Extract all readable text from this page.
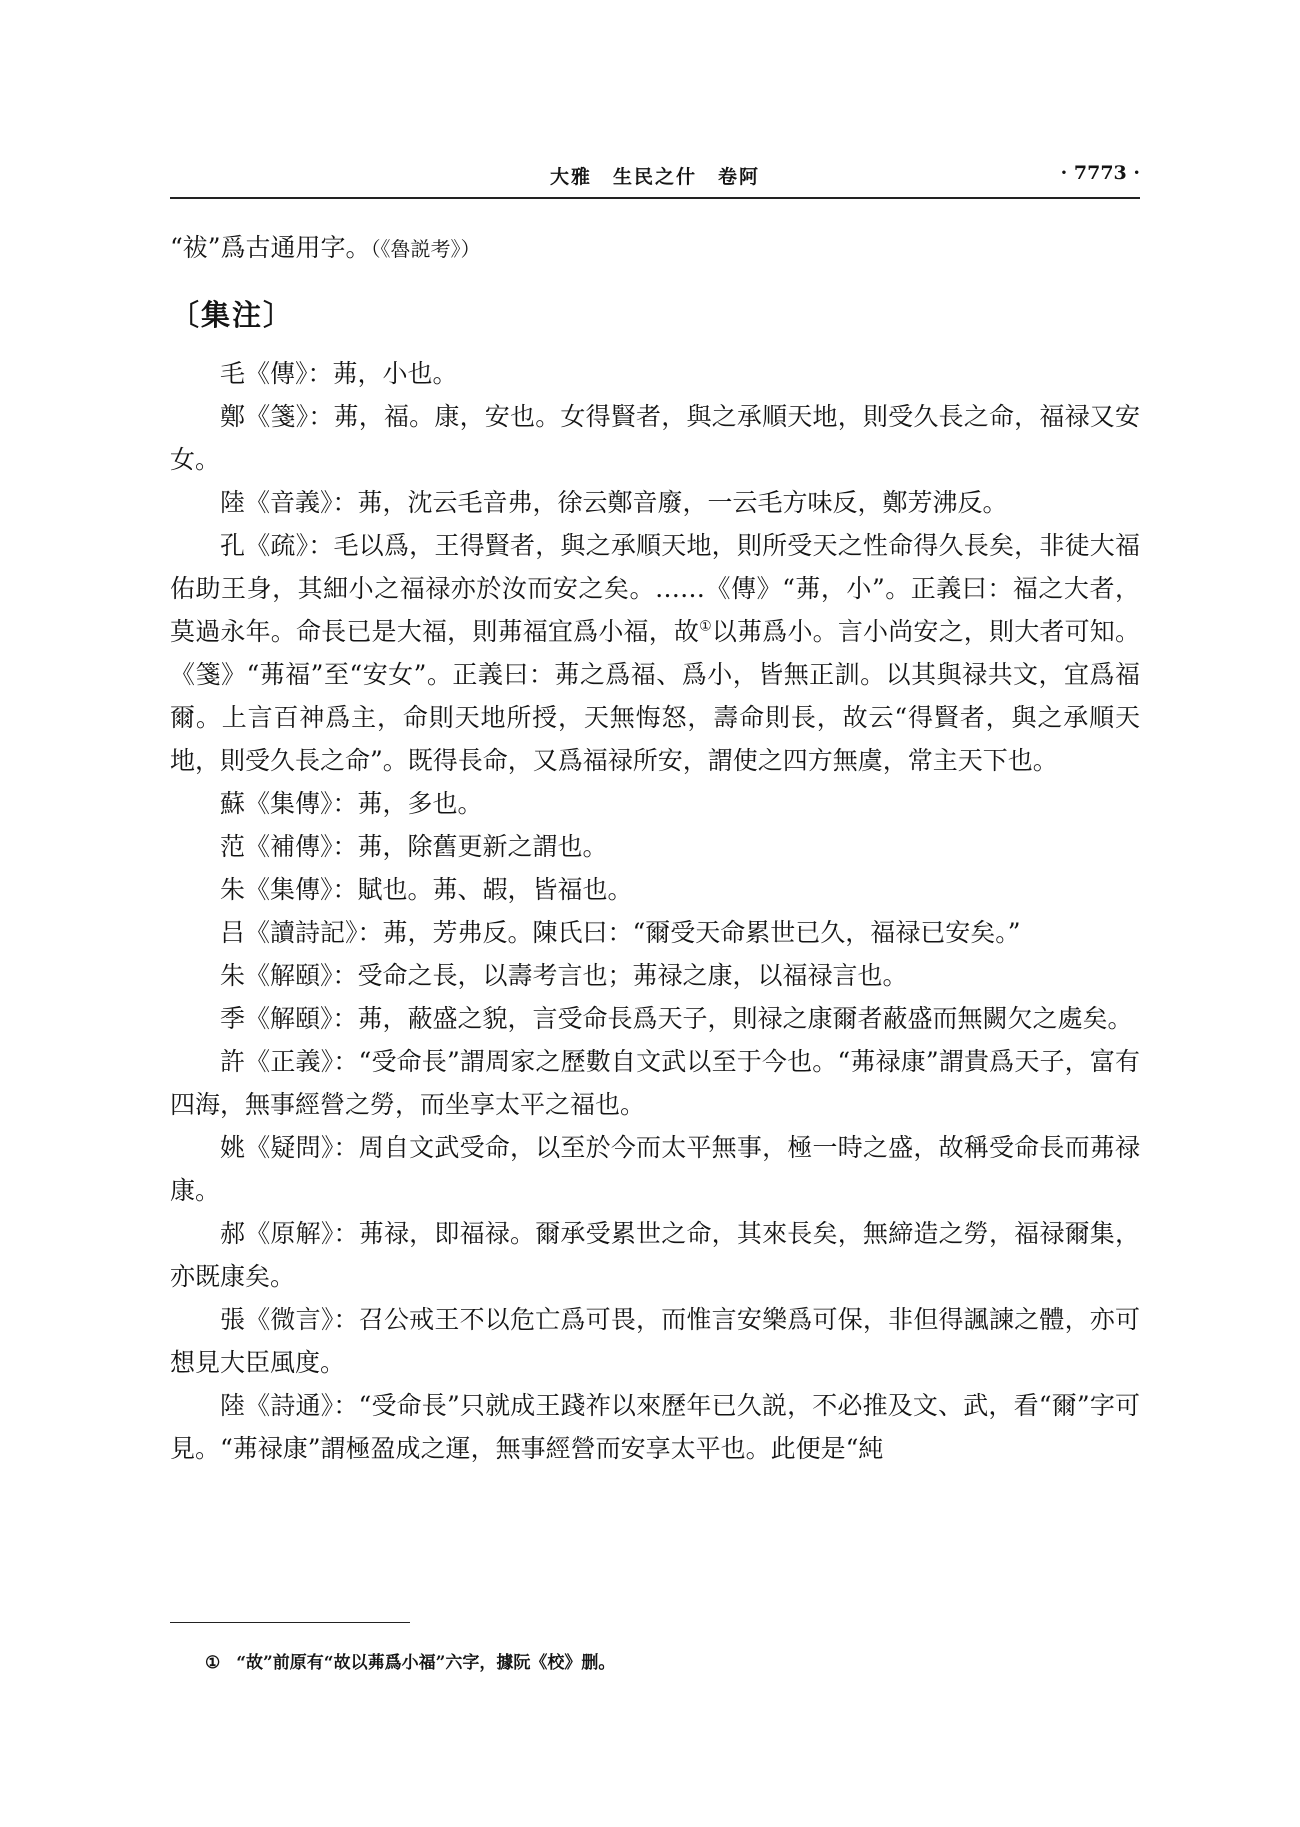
大雅　生民之什　卷阿	· 7773 ·

“祓”爲古通用字。（《魯説考》）

〔集注〕

毛《傳》：茀，小也。

鄭《箋》：茀，福。康，安也。女得賢者，與之承順天地，則受久長之命，福禄又安女。

陸《音義》：茀，沈云毛音弗，徐云鄭音廢，一云毛方味反，鄭芳沸反。

孔《疏》：毛以爲，王得賢者，與之承順天地，則所受天之性命得久長矣，非徒大福佑助王身，其細小之福禄亦於汝而安之矣。……《傳》“茀，小”。正義曰：福之大者，莫過永年。命長已是大福，則茀福宜爲小福，故①以茀爲小。言小尚安之，則大者可知。《箋》“茀福”至“安女”。正義曰：茀之爲福、爲小，皆無正訓。以其與禄共文，宜爲福爾。上言百神爲主，命則天地所授，天無悔怒，壽命則長，故云“得賢者，與之承順天地，則受久長之命”。既得長命，又爲福禄所安，謂使之四方無虞，常主天下也。

蘇《集傳》：茀，多也。

范《補傳》：茀，除舊更新之謂也。

朱《集傳》：賦也。茀、嘏，皆福也。

吕《讀詩記》：茀，芳弗反。陳氏曰：“爾受天命累世已久，福禄已安矣。”

朱《解頤》：受命之長，以壽考言也；茀禄之康，以福禄言也。

季《解頤》：茀，蔽盛之貌，言受命長爲天子，則禄之康爾者蔽盛而無闕欠之處矣。

許《正義》：“受命長”謂周家之歷數自文武以至于今也。“茀禄康”謂貴爲天子，富有四海，無事經營之勞，而坐享太平之福也。

姚《疑問》：周自文武受命，以至於今而太平無事，極一時之盛，故稱受命長而茀禄康。

郝《原解》：茀禄，即福禄。爾承受累世之命，其來長矣，無締造之勞，福禄爾集，亦既康矣。

張《微言》：召公戒王不以危亡爲可畏，而惟言安樂爲可保，非但得諷諫之體，亦可想見大臣風度。

陸《詩通》：“受命長”只就成王踐祚以來歷年已久説，不必推及文、武，看“爾”字可見。“茀禄康”謂極盈成之運，無事經營而安享太平也。此便是“純

① “故”前原有“故以茀爲小福”六字，據阮《校》删。
